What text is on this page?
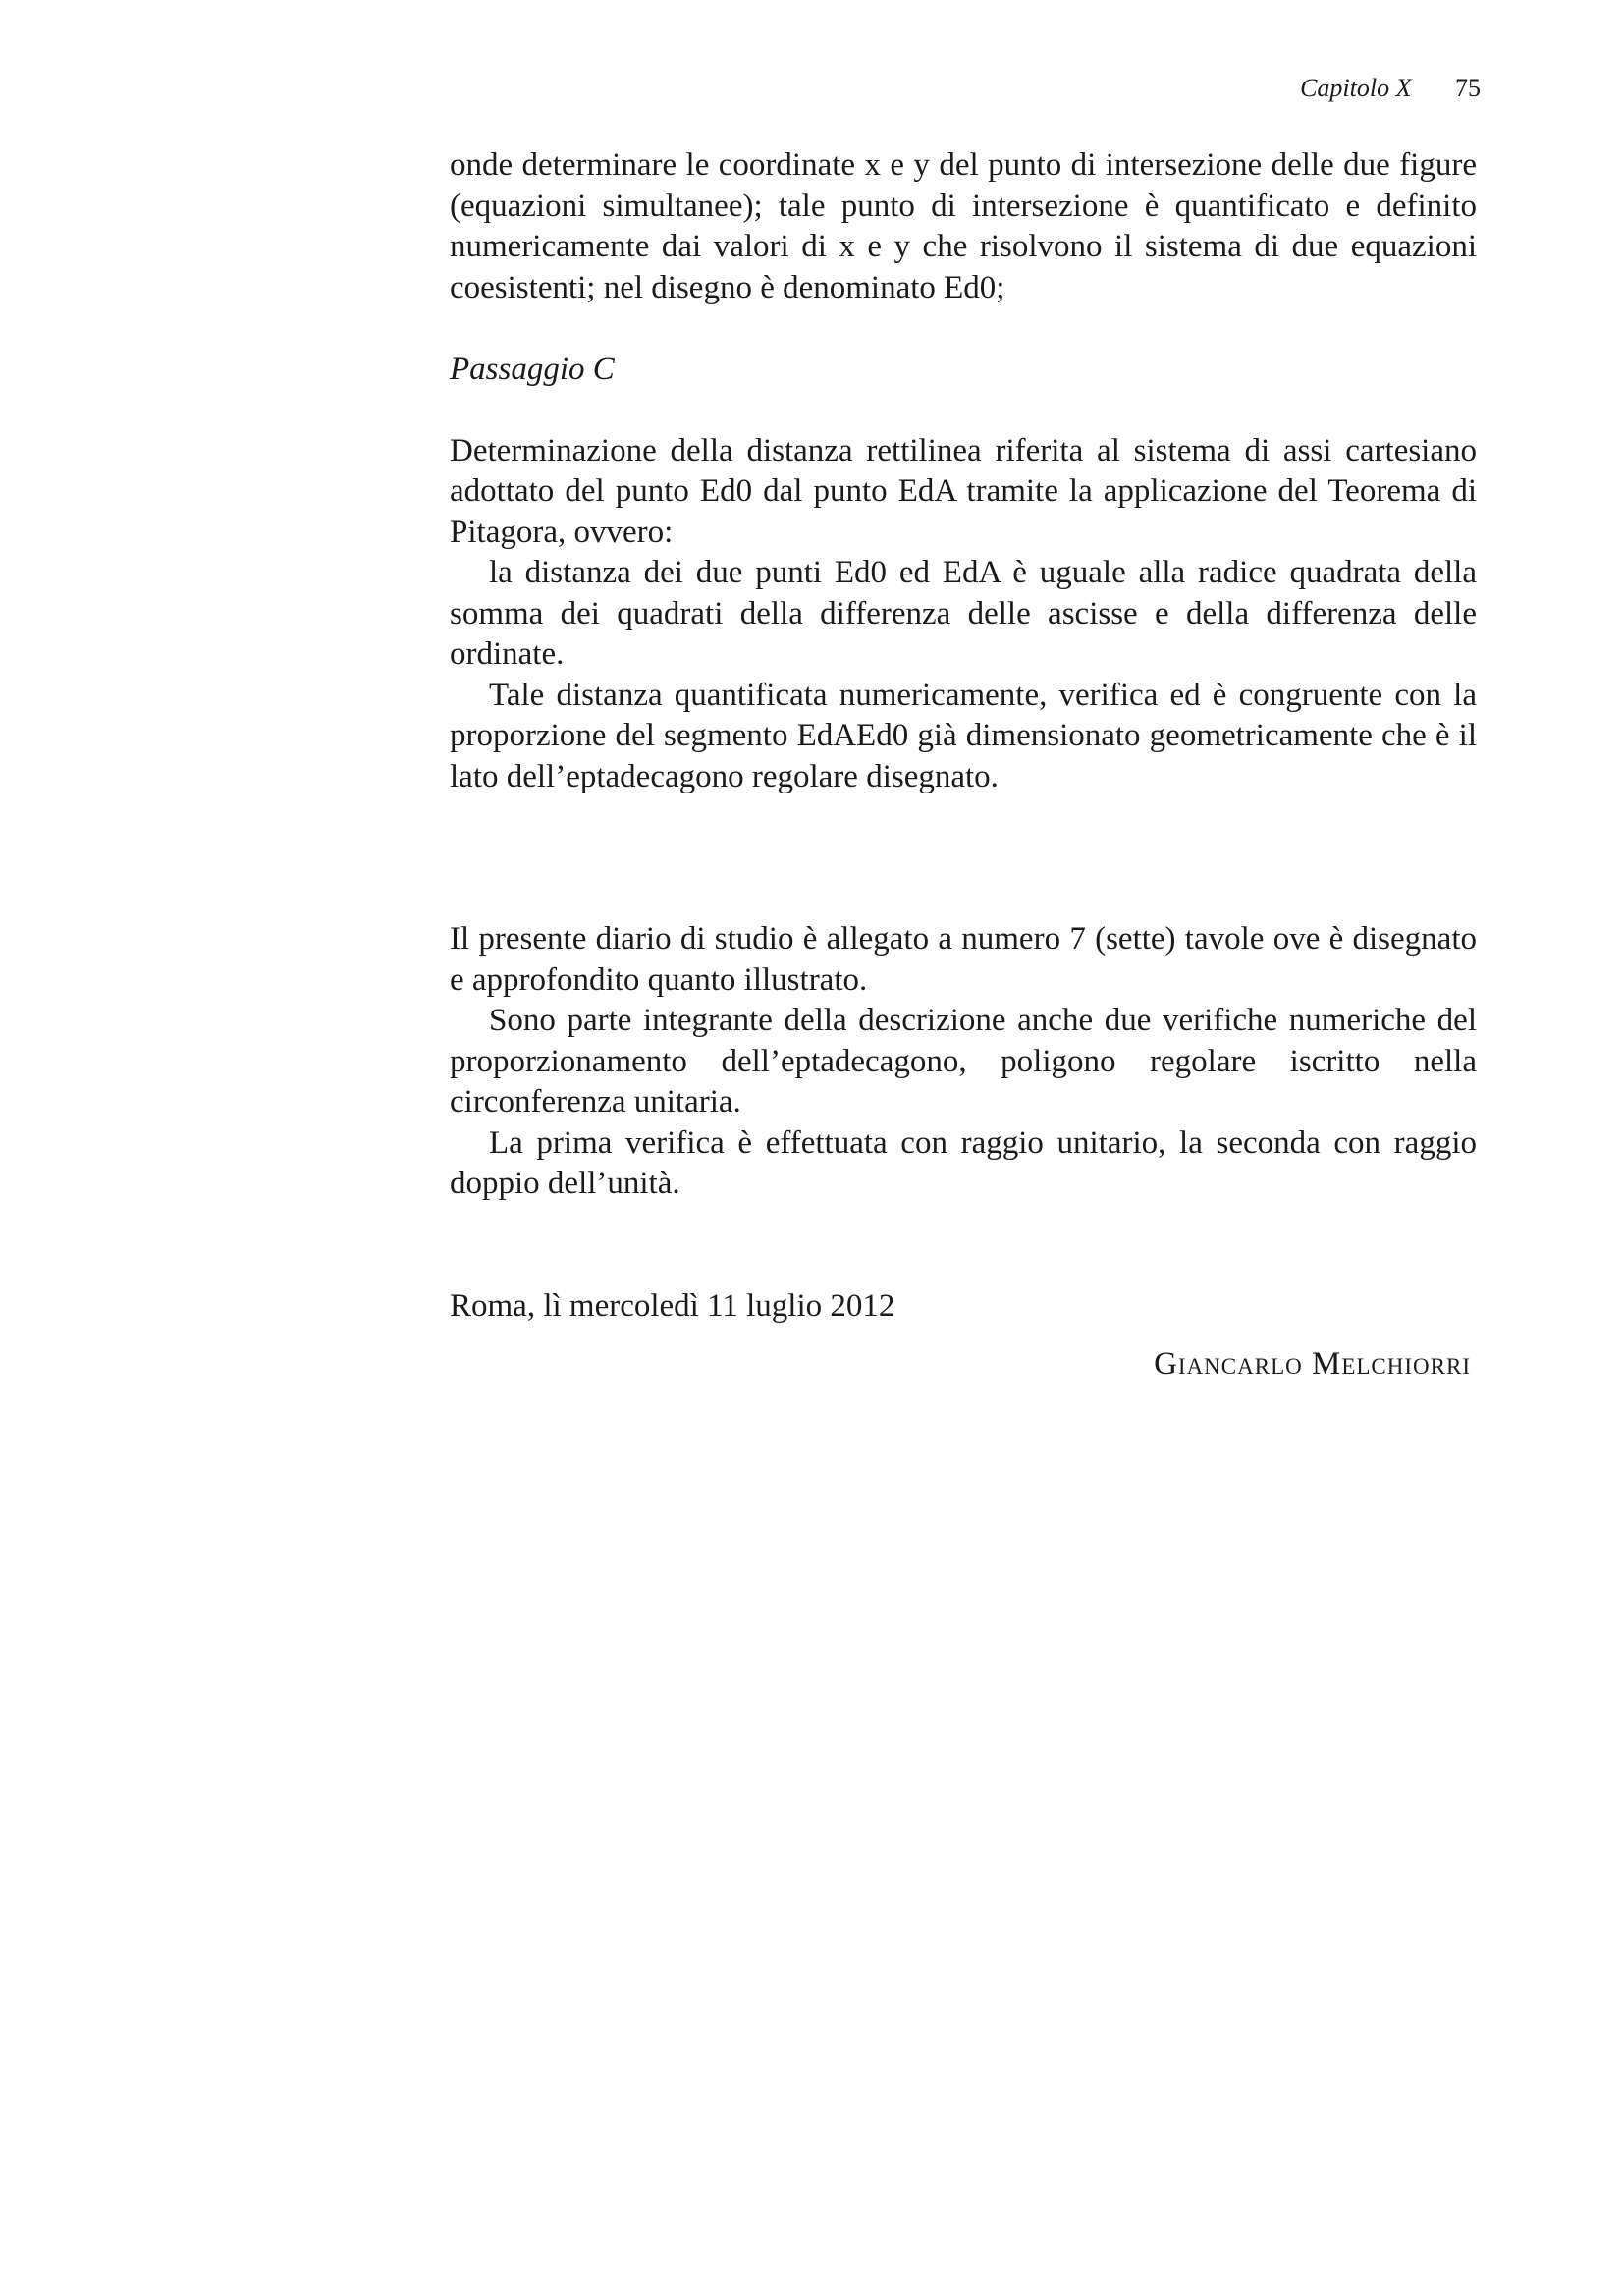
Capitolo X 75

onde determinare le coordinate x e y del punto di intersezione delle due figure (equazioni simultanee); tale punto di intersezione è quantificato e definito numericamente dai valori di x e y che risolvono il sistema di due equazioni coesistenti; nel disegno è denominato Ed0;

Passaggio C

Determinazione della distanza rettilinea riferita al sistema di assi cartesiano adottato del punto Ed0 dal punto EdA tramite la applicazione del Teorema di Pitagora, ovvero:

la distanza dei due punti Ed0 ed EdA è uguale alla radice quadrata della somma dei quadrati della differenza delle ascisse e della differenza delle ordinate.

Tale distanza quantificata numericamente, verifica ed è congruente con la proporzione del segmento EdAEd0 già dimensionato geometricamente che è il lato dell’eptadecagono regolare disegnato.

Il presente diario di studio è allegato a numero 7 (sette) tavole ove è disegnato e approfondito quanto illustrato.

Sono parte integrante della descrizione anche due verifiche numeriche del proporzionamento dell’eptadecagono, poligono regolare iscritto nella circonferenza unitaria.

La prima verifica è effettuata con raggio unitario, la seconda con raggio doppio dell’unità.

Roma, lì mercoledì 11 luglio 2012

Giancarlo Melchiorri
